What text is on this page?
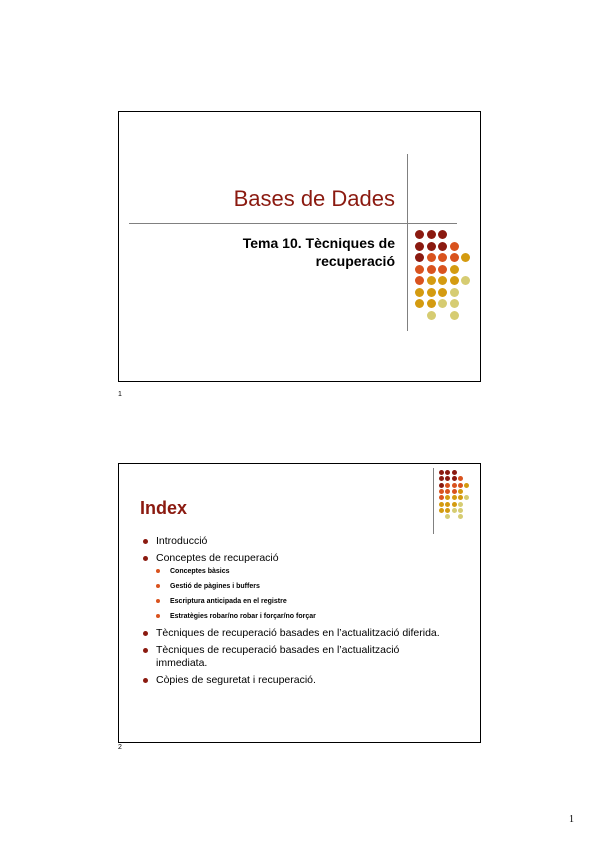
Bases de Dades
Tema 10. Tècniques de
recuperació
1
Index
Introducció
Conceptes de recuperació
Conceptes bàsics
Gestió de pàgines i buffers
Escriptura anticipada en el registre
Estratègies robar/no robar i forçar/no forçar
Tècniques de recuperació basades en l’actualització diferida.
Tècniques de recuperació basades en l’actualització immediata.
Còpies de seguretat i recuperació.
2
1
